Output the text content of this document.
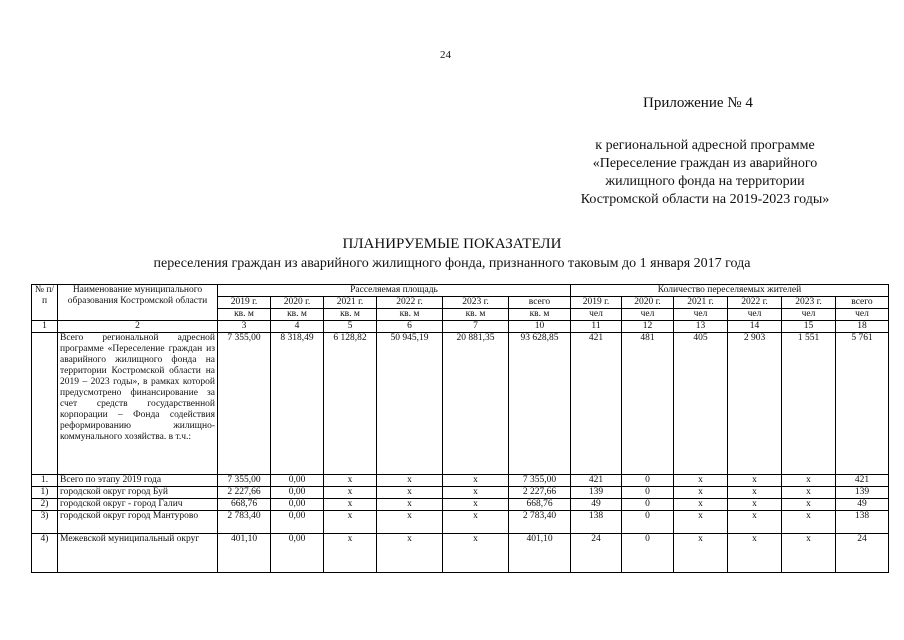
24
Приложение № 4
к региональной адресной программе
«Переселение граждан из аварийного
жилищного фонда на территории
Костромской области на 2019-2023 годы»
ПЛАНИРУЕМЫЕ ПОКАЗАТЕЛИ
переселения граждан из аварийного жилищного фонда, признанного таковым до 1 января 2017 года
№ п/п	Наименование муниципального образования Костромской области	Расселяемая площадь						Количество переселяемых жителей					
		2019 г.	2020 г.	2021 г.	2022 г.	2023 г.	всего	2019 г.	2020 г.	2021 г.	2022 г.	2023 г.	всего
		кв. м	кв. м	кв. м	кв. м	кв. м	кв. м	чел	чел	чел	чел	чел	чел
1	2	3	4	5	6	7	10	11	12	13	14	15	18
	Всего региональной адресной программе «Переселение граждан из аварийного жилищного фонда на территории Костромской области на 2019 – 2023 годы», в рамках которой предусмотрено финансирование за счет средств государственной корпорации – Фонда содействия реформированию жилищно-коммунального хозяйства. в т.ч.:	7 355,00	8 318,49	6 128,82	50 945,19	20 881,35	93 628,85	421	481	405	2 903	1 551	5 761
1.	Всего по этапу 2019 года	7 355,00	0,00	x	x	x	7 355,00	421	0	x	x	x	421
1)	городской округ город Буй	2 227,66	0,00	x	x	x	2 227,66	139	0	x	x	x	139
2)	городской округ - город Галич	668,76	0,00	x	x	x	668,76	49	0	x	x	x	49
3)	городской округ город Мантурово	2 783,40	0,00	x	x	x	2 783,40	138	0	x	x	x	138
4)	Межевской муниципальный округ	401,10	0,00	x	x	x	401,10	24	0	x	x	x	24
